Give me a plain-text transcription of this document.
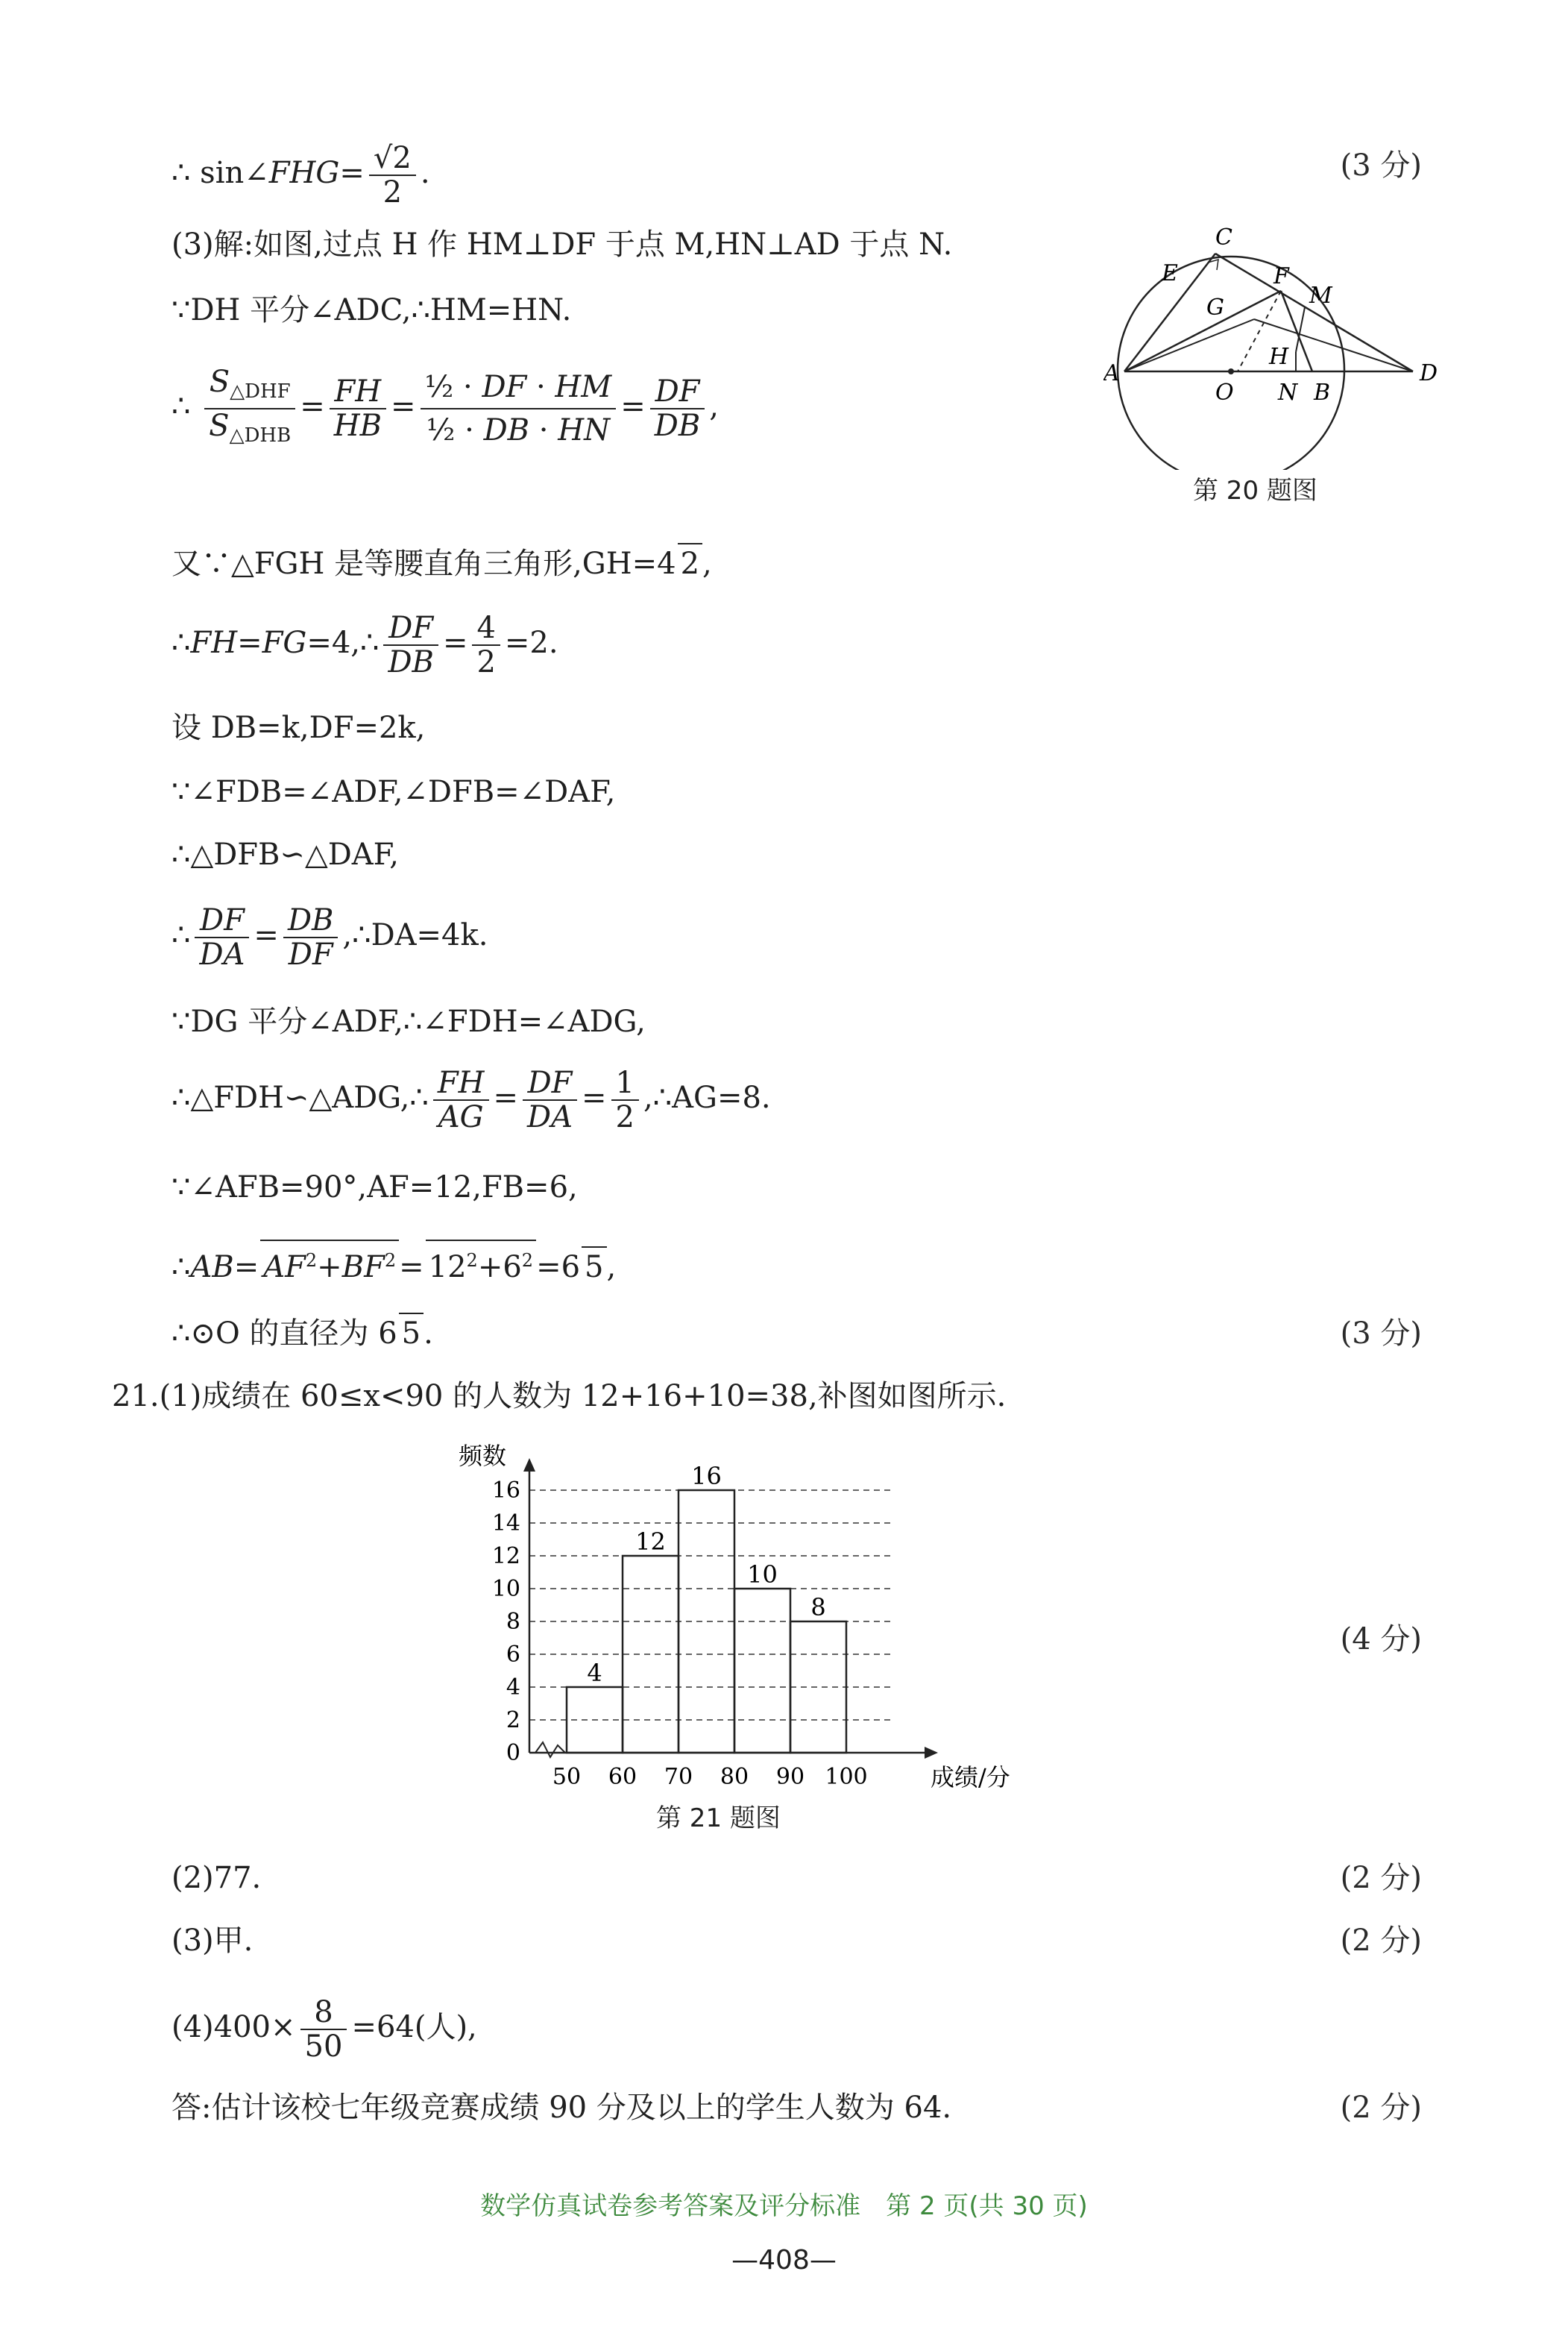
∴ sin∠FHG= $\frac{√2}{2}$ .	(3 分)
(3)解:如图,过点 H 作 HM⊥DF 于点 M,HN⊥AD 于点 N.
∵DH 平分∠ADC,∴HM=HN.
∴ $\frac{S_{\triangle DHF}}{S_{\triangle DHB}} = \frac{FH}{HB} = \frac{\text{½ · DF · HM}}{\text{½ · DB · HN}} = \frac{DF}{DB}$ ,
又∵△FGH 是等腰直角三角形,GH=4 2 ,
∴FH=FG=4,∴ $\frac{DF}{DB} = \frac{4}{2} =2$.
设 DB=k,DF=2k,
∵∠FDB=∠ADF,∠DFB=∠DAF,
∴△DFB∽△DAF,
∴ $\frac{DF}{DA} = \frac{DB}{DF}$ ,∴DA=4k.
∵DG 平分∠ADF,∴∠FDH=∠ADG,
∴△FDH∽△ADG,∴ $\frac{FH}{AG} = \frac{DF}{DA} = \frac{1}{2}$ ,∴AG=8.
∵∠AFB=90°,AF=12,FB=6,
∴AB= $AF^2+BF^2 = 12^2+6^2 =6$ 5 ,
∴⊙O 的直径为 6 5 .	(3 分)
21.(1)成绩在 60≤x<90 的人数为 12+16+10=38,补图如图所示.
(4 分)
(2)77.	(2 分)
(3)甲.	(2 分)
$(4)400\times \frac{8}{50} =64$(人),
答:估计该校七年级竞赛成绩 90 分及以上的学生人数为 64.	(2 分)
C
E	F
M
G
A
O
H
N B
D
第 20 题图
0
2
4
6
8
10
12
14
16
4
12
16
10
8
50 60 70 80 90 100
频数
成绩/分
第 21 题图
数学仿真试卷参考答案及评分标准　第 2 页(共 30 页)
—408—
